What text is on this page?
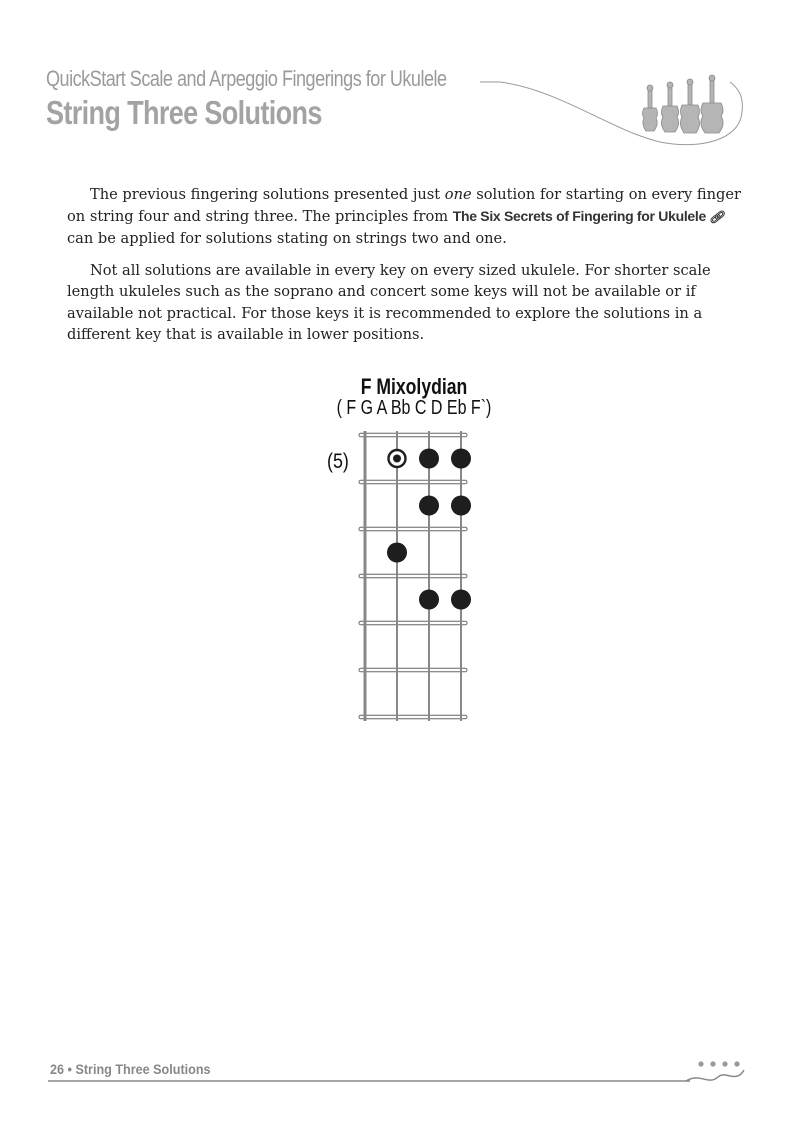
QuickStart Scale and Arpeggio Fingerings for Ukulele
String Three Solutions

The previous fingering solutions presented just one solution for starting on every finger on string four and string three. The principles from The Six Secrets of Fingering for Ukulele 🔗︎ can be applied for solutions stating on strings two and one.

Not all solutions are available in every key on every sized ukulele. For shorter scale length ukuleles such as the soprano and concert some keys will not be available or if available not practical. For those keys it is recommended to explore the solutions in a different key that is available in lower positions.

F Mixolydian
( F G A Bb C D Eb F`)
(5)
26 • String Three Solutions
